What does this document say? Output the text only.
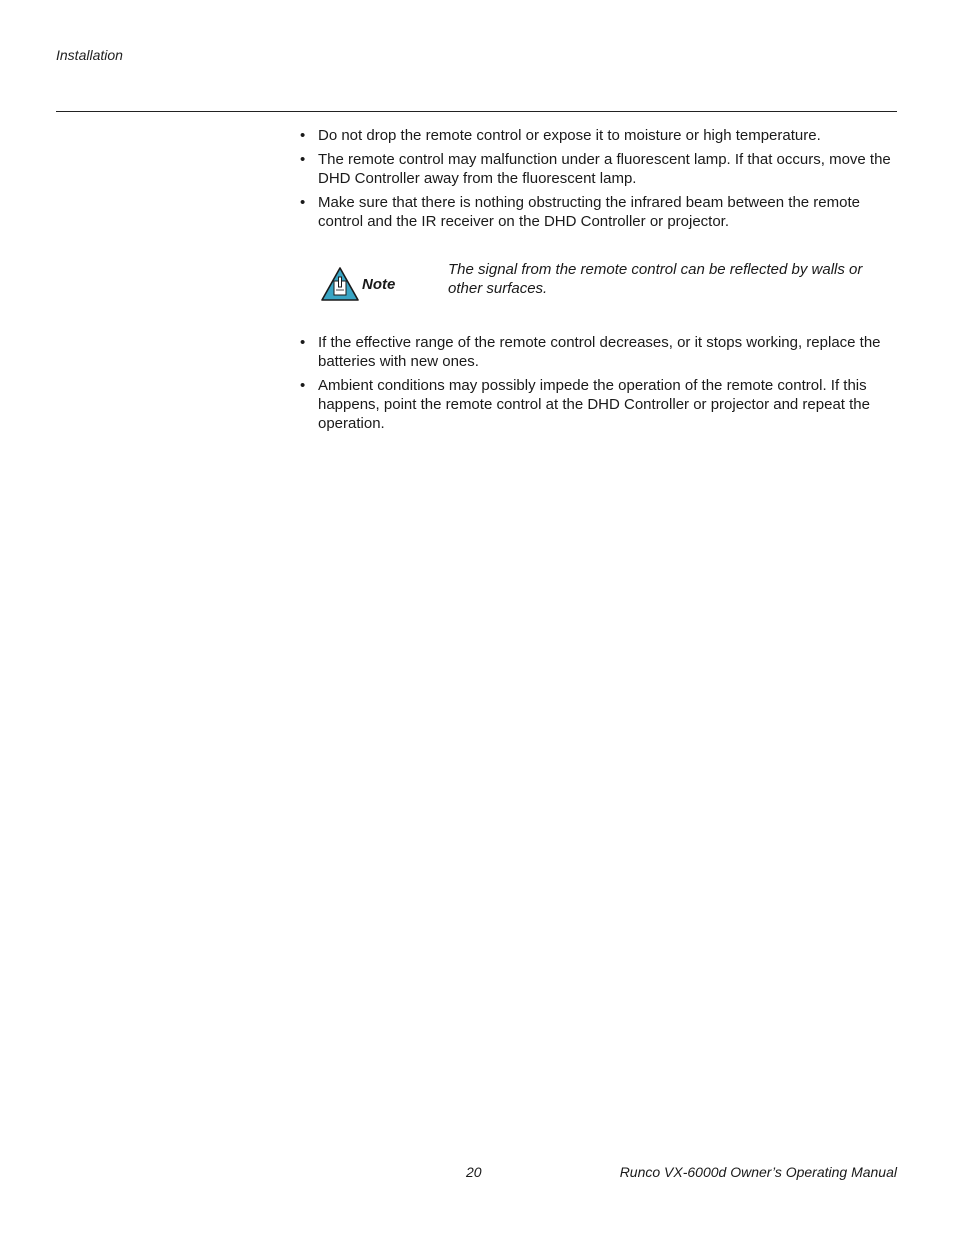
Installation
• Do not drop the remote control or expose it to moisture or high temperature.
• The remote control may malfunction under a fluorescent lamp. If that occurs, move the DHD Controller away from the fluorescent lamp.
• Make sure that there is nothing obstructing the infrared beam between the remote control and the IR receiver on the DHD Controller or projector.
Note
The signal from the remote control can be reflected by walls or other surfaces.
• If the effective range of the remote control decreases, or it stops working, replace the batteries with new ones.
• Ambient conditions may possibly impede the operation of the remote control. If this happens, point the remote control at the DHD Controller or projector and repeat the operation.
20	Runco VX-6000d Owner’s Operating Manual
